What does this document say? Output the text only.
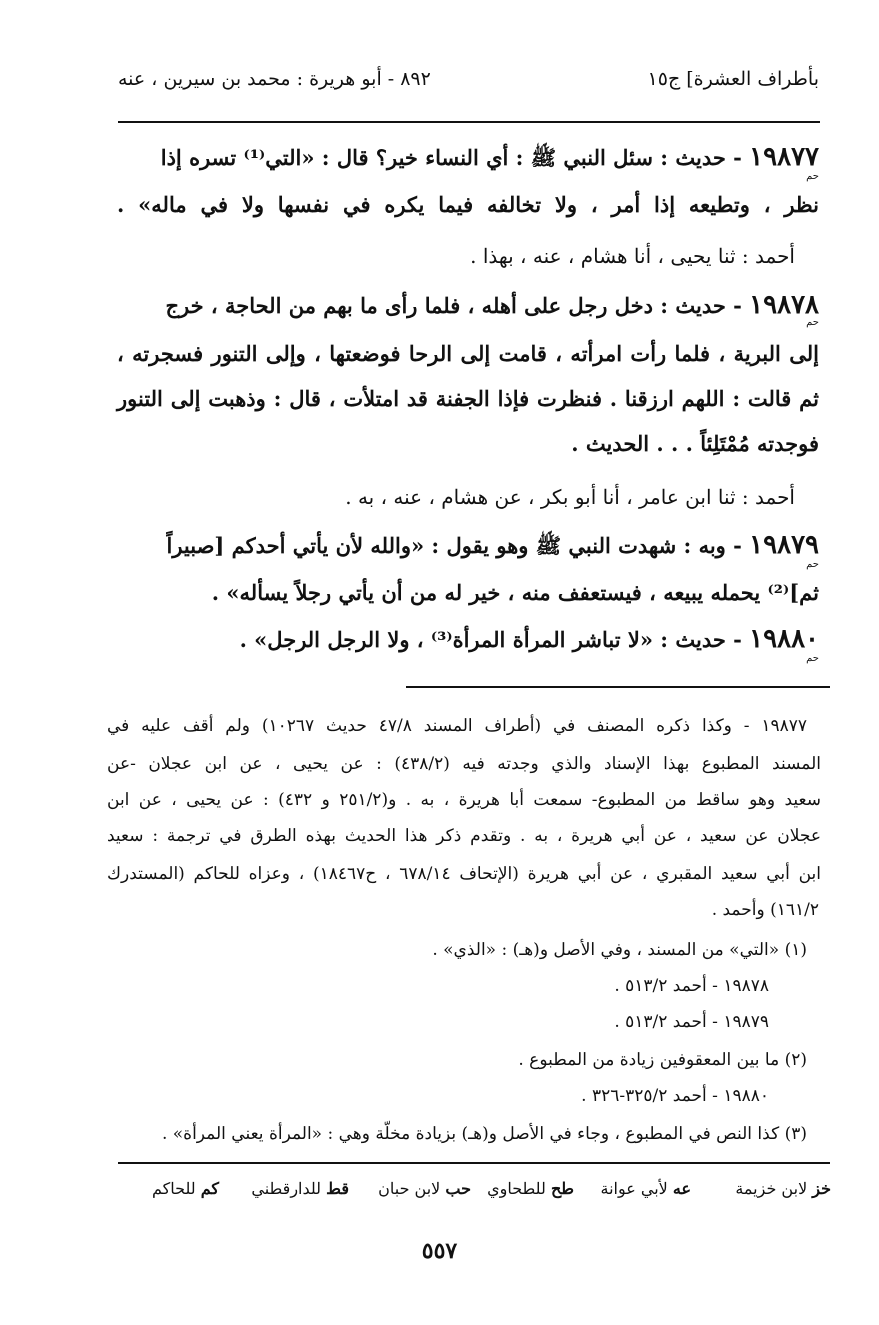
بأطراف العشرة] ج١٥
٨٩٢ - أبو هريرة : محمد بن سيرين ، عنه
١٩٨٧٧ - حديث : سئل النبي ﷺ : أي النساء خير؟ قال : «التي⁽¹⁾ تسره إذا
حم
نظر ، وتطيعه إذا أمر ، ولا تخالفه فيما يكره في نفسها ولا في ماله» .
أحمد : ثنا يحيى ، أنا هشام ، عنه ، بهذا .
١٩٨٧٨ - حديث : دخل رجل على أهله ، فلما رأى ما بهم من الحاجة ، خرج
حم
إلى البرية ، فلما رأت امرأته ، قامت إلى الرحا فوضعتها ، وإلى التنور فسجرته ،
ثم قالت : اللهم ارزقنا . فنظرت فإذا الجفنة قد امتلأت ، قال : وذهبت إلى التنور
فوجدته مُمْتَلِئاً . . . الحديث .
أحمد : ثنا ابن عامر ، أنا أبو بكر ، عن هشام ، عنه ، به .
١٩٨٧٩ - وبه : شهدت النبي ﷺ وهو يقول : «والله لأن يأتي أحدكم [صبيراً
حم
ثم]⁽²⁾ يحمله يبيعه ، فيستعفف منه ، خير له من أن يأتي رجلاً يسأله» .
١٩٨٨٠ - حديث : «لا تباشر المرأة المرأة⁽³⁾ ، ولا الرجل الرجل» .
حم
١٩٨٧٧ - وكذا ذكره المصنف في (أطراف المسند ٤٧/٨ حديث ١٠٢٦٧) ولم أقف عليه في
المسند المطبوع بهذا الإسناد والذي وجدته فيه (٤٣٨/٢) : عن يحيى ، عن ابن عجلان -عن
سعيد وهو ساقط من المطبوع- سمعت أبا هريرة ، به . و(٢٥١/٢ و ٤٣٢) : عن يحيى ، عن ابن
عجلان عن سعيد ، عن أبي هريرة ، به . وتقدم ذكر هذا الحديث بهذه الطرق في ترجمة : سعيد
ابن أبي سعيد المقبري ، عن أبي هريرة (الإتحاف ٦٧٨/١٤ ، ح١٨٤٦٧) ، وعزاه للحاكم (المستدرك
١٦١/٢) وأحمد .
(١) «التي» من المسند ، وفي الأصل و(هـ) : «الذي» .
١٩٨٧٨ - أحمد ٥١٣/٢ .
١٩٨٧٩ - أحمد ٥١٣/٢ .
(٢) ما بين المعقوفين زيادة من المطبوع .
١٩٨٨٠ - أحمد ٣٢٥/٢-٣٢٦ .
(٣) كذا النص في المطبوع ، وجاء في الأصل و(هـ) بزيادة مخلّة وهي : «المرأة يعني المرأة» .
خز لابن خزيمة
عه لأبي عوانة
طح للطحاوي
حب لابن حبان
قط للدارقطني
كم للحاكم
٥٥٧
